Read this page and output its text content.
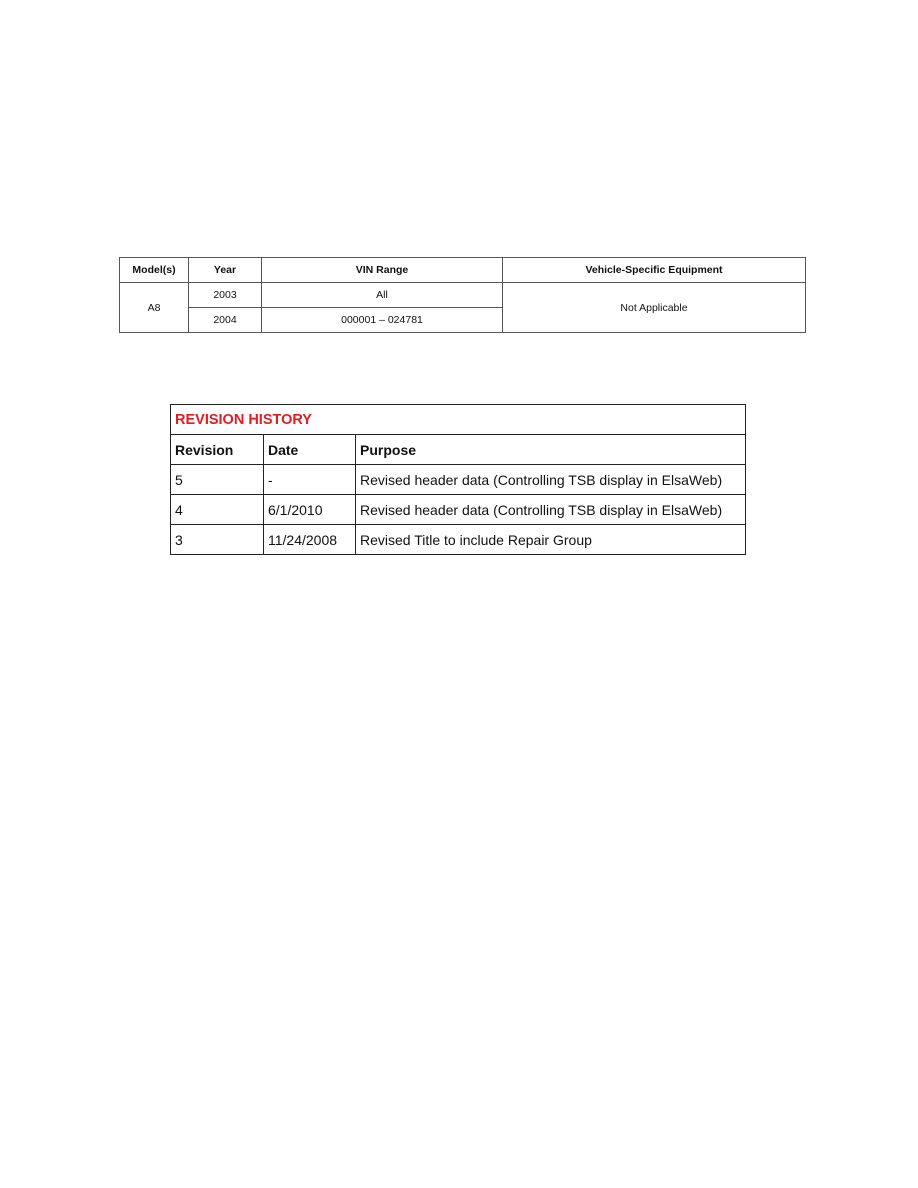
Model(s)	Year	VIN Range	Vehicle-Specific Equipment
A8	2003	All	Not Applicable
	2004	000001 – 024781	
REVISION HISTORY		
Revision	Date	Purpose
5	-	Revised header data (Controlling TSB display in ElsaWeb)
4	6/1/2010	Revised header data (Controlling TSB display in ElsaWeb)
3	11/24/2008	Revised Title to include Repair Group
